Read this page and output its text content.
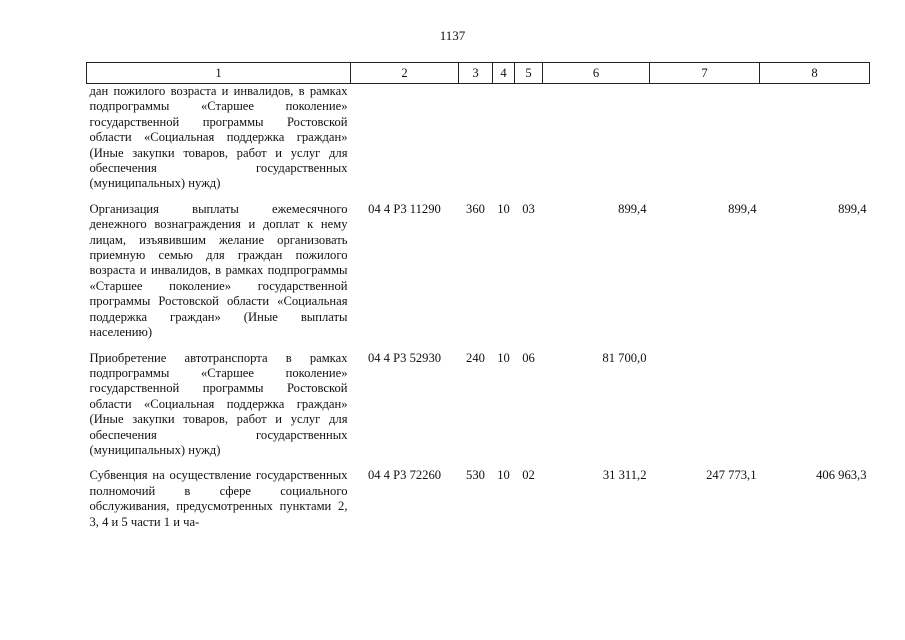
1137
1	2	3	4	5	6	7	8
дан пожилого возраста и инвалидов, в рамках подпрограммы «Старшее поколение» государственной программы Ростовской области «Социальная поддержка граждан» (Иные закупки товаров, работ и услуг для обеспечения государственных (муниципальных) нужд)							
Организация выплаты ежемесячного денежного вознаграждения и доплат к нему лицам, изъявившим желание организовать приемную семью для граждан пожилого возраста и инвалидов, в рамках подпрограммы «Старшее поколение» государственной программы Ростовской области «Социальная поддержка граждан» (Иные выплаты населению)	04 4 Р3 11290	360	10	03	899,4	899,4	899,4
Приобретение автотранспорта в рамках подпрограммы «Старшее поколение» государственной программы Ростовской области «Социальная поддержка граждан» (Иные закупки товаров, работ и услуг для обеспечения государственных (муниципальных) нужд)	04 4 Р3 52930	240	10	06	81 700,0		
Субвенция на осуществление государственных полномочий в сфере социального обслуживания, предусмотренных пунктами 2, 3, 4 и 5 части 1 и ча-	04 4 Р3 72260	530	10	02	31 311,2	247 773,1	406 963,3
